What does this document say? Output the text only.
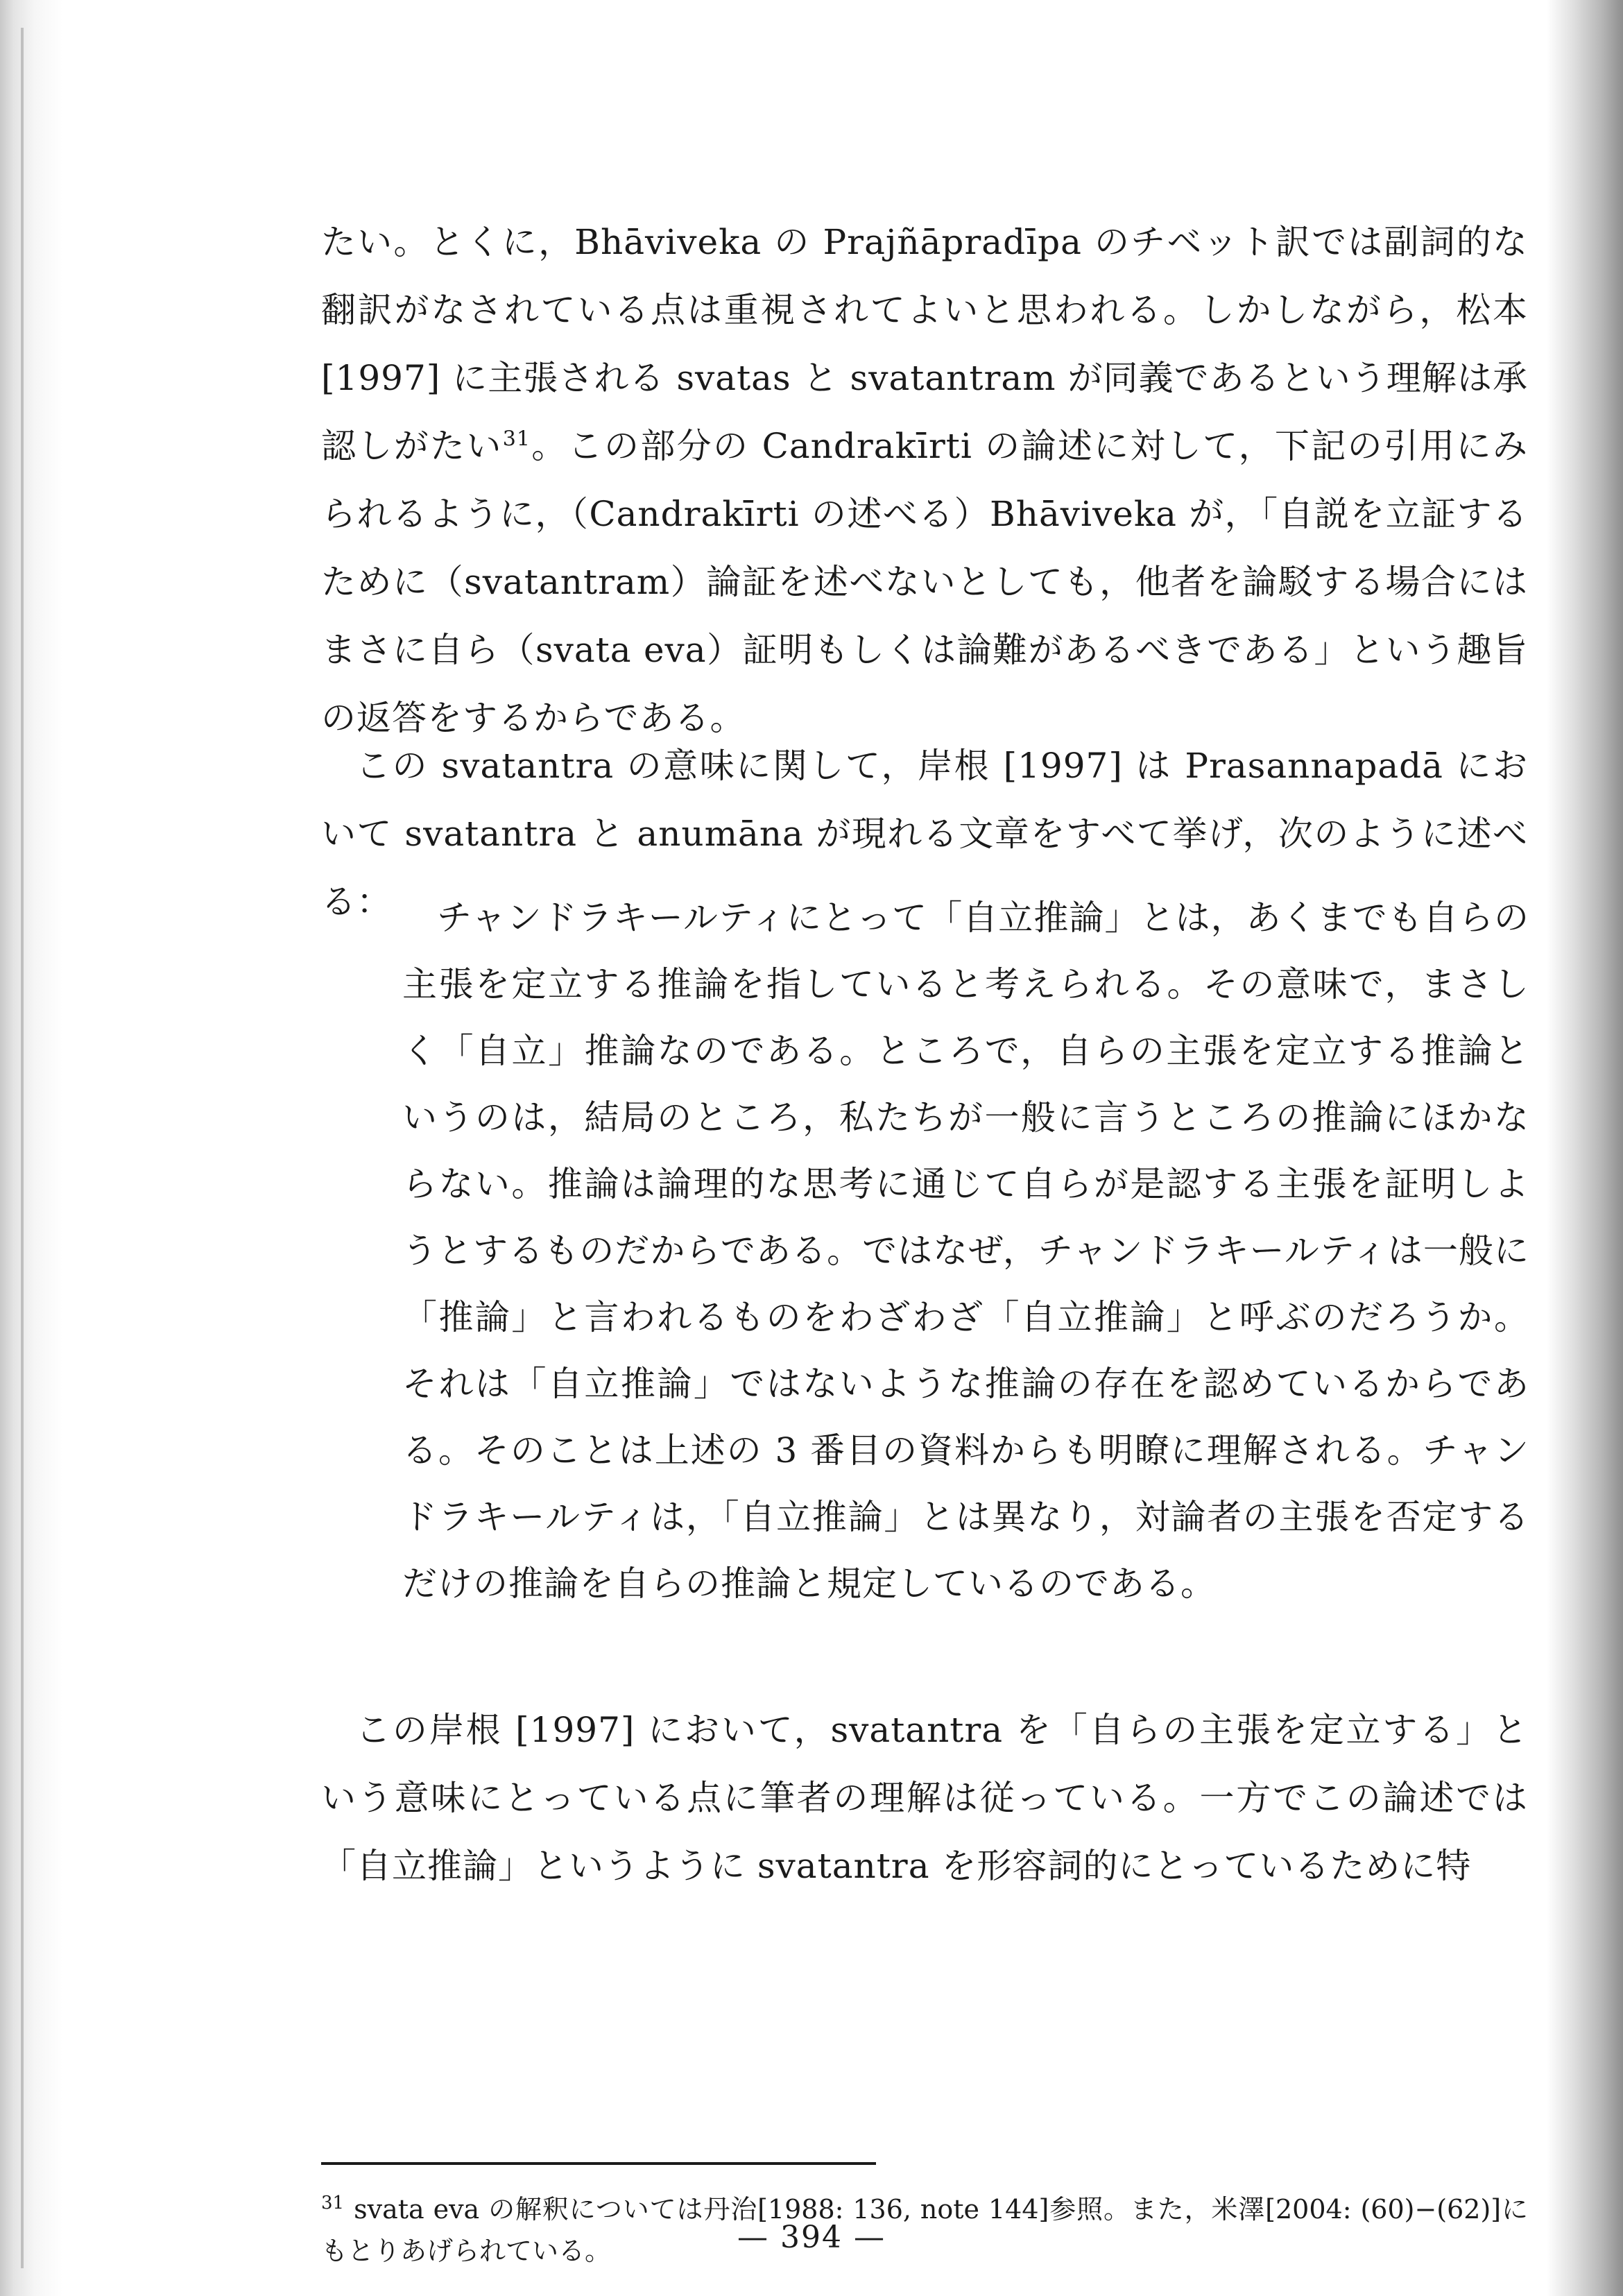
たい。とくに，Bhāviveka の Prajñāpradīpa のチベット訳では副詞的な翻訳がなされている点は重視されてよいと思われる。しかしながら，松本 [1997] に主張される svatas と svatantram が同義であるという理解は承認しがたい$^{31}$。この部分の Candrakīrti の論述に対して，下記の引用にみられるように，（Candrakīrti の述べる）Bhāviveka が，「自説を立証するために（svatantram）論証を述べないとしても，他者を論駁する場合にはまさに自ら（svata eva）証明もしくは論難があるべきである」という趣旨の返答をするからである。
この svatantra の意味に関して，岸根 [1997] は Prasannapadā において svatantra と anumāna が現れる文章をすべて挙げ，次のように述べる：	チャンドラキールティにとって「自立推論」とは，あくまでも自らの主張を定立する推論を指していると考えられる。その意味で，まさしく「自立」推論なのである。ところで，自らの主張を定立する推論というのは，結局のところ，私たちが一般に言うところの推論にほかならない。推論は論理的な思考に通じて自らが是認する主張を証明しようとするものだからである。ではなぜ，チャンドラキールティは一般に「推論」と言われるものをわざわざ「自立推論」と呼ぶのだろうか。それは「自立推論」ではないような推論の存在を認めているからである。そのことは上述の 3 番目の資料からも明瞭に理解される。チャンドラキールティは，「自立推論」とは異なり，対論者の主張を否定するだけの推論を自らの推論と規定しているのである。
この岸根 [1997] において，svatantra を「自らの主張を定立する」という意味にとっている点に筆者の理解は従っている。一方でこの論述では「自立推論」というように svatantra を形容詞的にとっているために特
$^{31}$ svata eva の解釈については丹治[1988: 136, note 144]参照。また，米澤[2004: (60)−(62)]にもとりあげられている。	— 394 —
